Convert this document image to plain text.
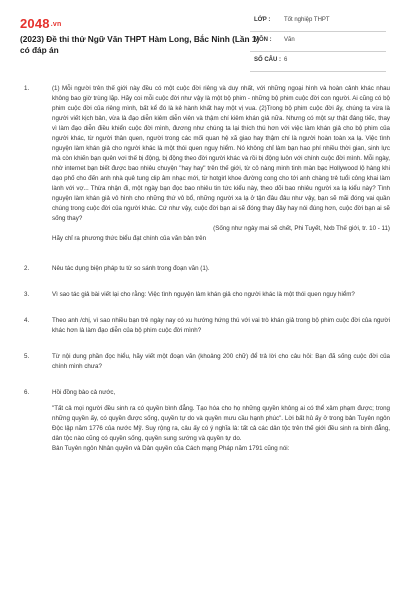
2048.vn
(2023) Đề thi thử Ngữ Văn THPT Hàm Long, Bắc Ninh (Lần 1) có đáp án
LỚP : Tốt nghiệp THPT
MÔN : Văn
SỐ CÂU : 6
1.	(1) Mỗi người trên thế giới này đều có một cuộc đời riêng và duy nhất, với những ngoại hình và hoàn cảnh khác nhau không bao giờ trùng lặp. Hãy coi mỗi cuộc đời như vậy là một bộ phim - những bộ phim cuộc đời con người. Ai cũng có bộ phim cuộc đời của riêng mình, bất kể đó là kẻ hành khất hay một vị vua. (2)Trong bộ phim cuộc đời ấy, chúng ta vừa là người viết kịch bản, vừa là đạo diễn kiêm diễn viên và thậm chí kiêm khán giả nữa. Nhưng có một sự thật đáng tiếc, thay vì làm đạo diễn điều khiển cuộc đời mình, đương như chúng ta lại thích thú hơn với việc làm khán giả cho bộ phim của người khác, từ người thân quen, người trong các mối quan hệ xã giao hay thậm chí là người hoàn toàn xa lạ. Việc tình nguyện làm khán giả cho người khác là một thói quen nguy hiểm. Nó không chỉ làm bạn hao phí nhiều thời gian, sinh lực mà còn khiến bạn quên vơi thế bị động, bị động theo đời người khác và rồi bị động luôn với chính cuộc đời mình. Mỗi ngày, nhờ internet bạn biết được bao nhiêu chuyện "hay hay" trên thế giới, từ cô nàng minh tinh màn bạc Hollywood lộ hàng khi dạo phố cho đến anh nhà quê tung clip âm nhạc mới, từ hotgirl khoe đường cong cho tới anh chàng trẻ tuổi công khai làm lành với vợ... Thừa nhận đi, một ngày bạn đọc bao nhiêu tin tức kiểu này, theo dõi bao nhiêu người xa lạ kiểu này? Tình nguyện làm khán giả vô hình cho những thứ vô bổ, những người xa lạ ở tận đâu đâu như vậy, bạn sẽ mãi đóng vai quần chúng trong cuộc đời của người khác. Cứ như vậy, cuộc đời bạn ai sẽ đóng thay đây hay nói đúng hơn, cuộc đời bạn ai sẽ sống thay?

(Sống như ngày mai sẽ chết, Phi Tuyết, Nxb Thế giới, tr. 10 - 11)

Hãy chỉ ra phương thức biểu đạt chính của văn bản trên

2.	Nêu tác dụng biện pháp tu từ so sánh trong đoạn văn (1).
3.	Vì sao tác giả bài viết lại cho rằng: Việc tình nguyện làm khán giả cho người khác là một thói quen nguy hiểm?
4.	Theo anh /chị, vì sao nhiều bạn trẻ ngày nay có xu hướng hứng thú với vai trò khán giả trong bộ phim cuộc đời của người khác hơn là làm đạo diễn của bộ phim cuộc đời mình?
5.	Từ nội dung phần đọc hiểu, hãy viết một đoạn văn (khoảng 200 chữ) để trả lời cho câu hỏi: Bạn đã sống cuộc đời của chính mình chưa?
6.	Hồi đồng bào cả nước,

"Tất cả mọi người đều sinh ra có quyền bình đẳng. Tạo hóa cho họ những quyền không ai có thể xâm phạm được; trong những quyền ấy, có quyền được sống, quyền tự do và quyền mưu cầu hạnh phúc". Lời bất hủ ấy ở trong bản Tuyên ngôn Độc lập năm 1776 của nước Mỹ. Suy rộng ra, câu ấy có ý nghĩa là: tất cả các dân tộc trên thế giới đều sinh ra bình đẳng, dân tộc nào cũng có quyền sống, quyền sung sướng và quyền tự do.

Bản Tuyên ngôn Nhân quyền và Dân quyền của Cách mạng Pháp năm 1791 cũng nói:
